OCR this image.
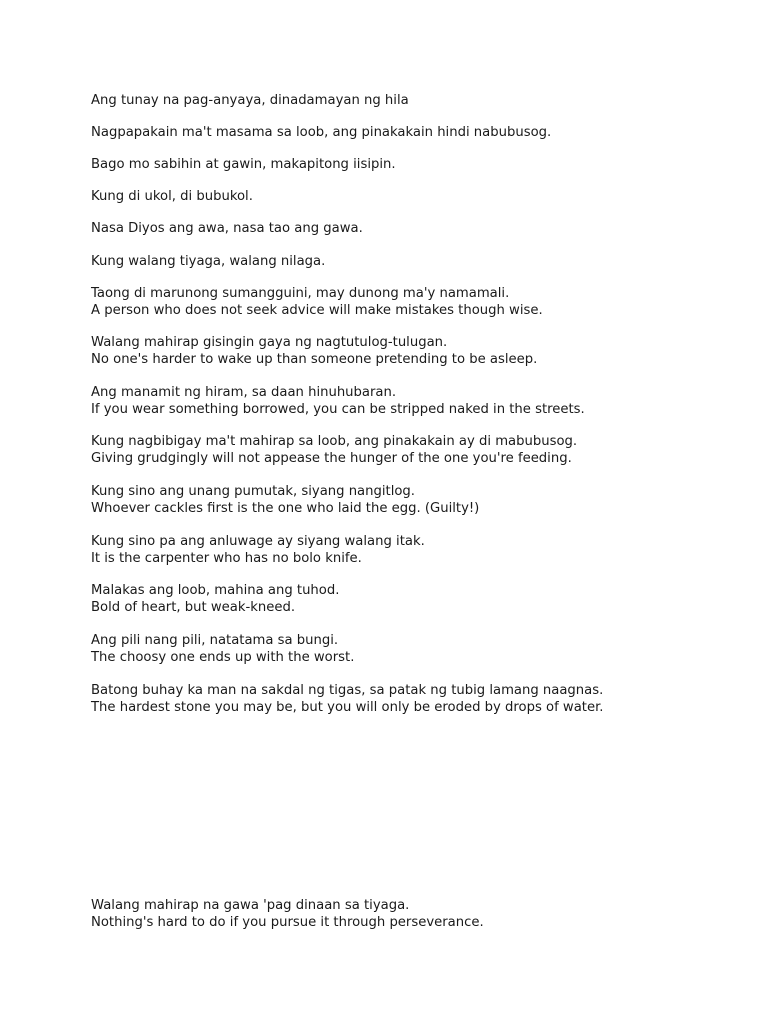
Ang tunay na pag-anyaya, dinadamayan ng hila
Nagpapakain ma't masama sa loob, ang pinakakain hindi nabubusog.
Bago mo sabihin at gawin, makapitong iisipin.
Kung di ukol, di bubukol.
Nasa Diyos ang awa, nasa tao ang gawa.
Kung walang tiyaga, walang nilaga.
Taong di marunong sumangguini, may dunong ma'y namamali.
A person who does not seek advice will make mistakes though wise.
Walang mahirap gisingin gaya ng nagtutulog-tulugan.
No one's harder to wake up than someone pretending to be asleep.
Ang manamit ng hiram, sa daan hinuhubaran.
If you wear something borrowed, you can be stripped naked in the streets.
Kung nagbibigay ma't mahirap sa loob, ang pinakakain ay di mabubusog.
Giving grudgingly will not appease the hunger of the one you're feeding.
Kung sino ang unang pumutak, siyang nangitlog.
Whoever cackles first is the one who laid the egg. (Guilty!)
Kung sino pa ang anluwage ay siyang walang itak.
It is the carpenter who has no bolo knife.
Malakas ang loob, mahina ang tuhod.
Bold of heart, but weak-kneed.
Ang pili nang pili, natatama sa bungi.
The choosy one ends up with the worst.
Batong buhay ka man na sakdal ng tigas, sa patak ng tubig lamang naagnas.
The hardest stone you may be, but you will only be eroded by drops of water.
Walang mahirap na gawa 'pag dinaan sa tiyaga.
Nothing's hard to do if you pursue it through perseverance.
